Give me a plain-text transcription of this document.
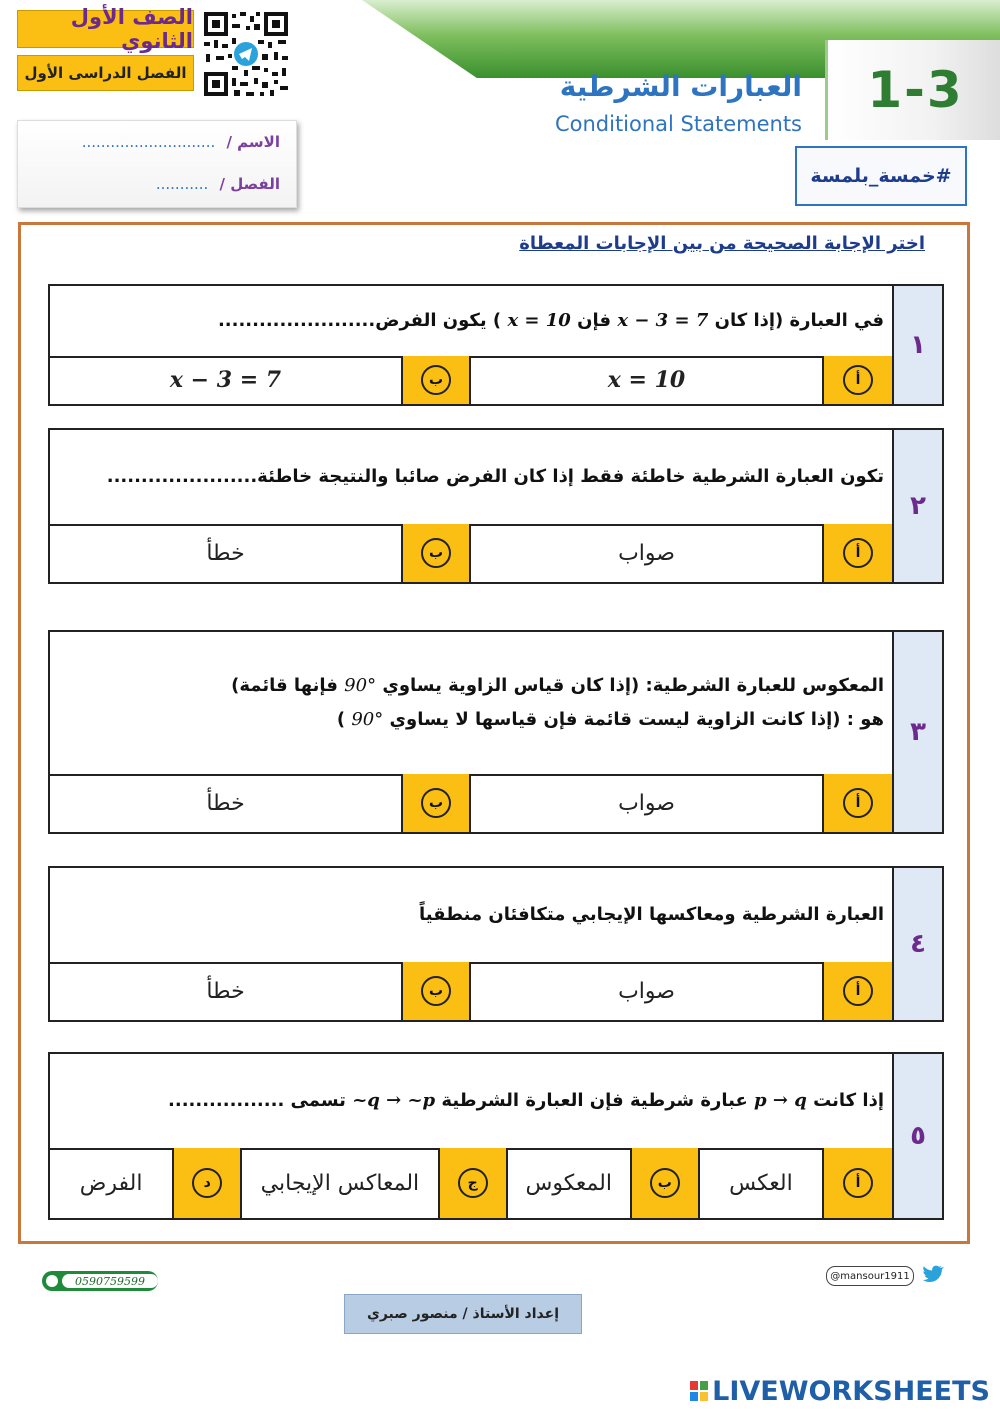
الصف الأول الثانوي
الفصل الدراسى الأول	1-3
العبارات الشرطية
Conditional Statements
الاسم / ............................
الفصل / ...........	#خمسة_بلمسة
اختر الإجابة الصحيحة من بين الإجابات المعطاة
١
في العبارة (إذا كان x − 3 = 7 فإن x = 10 ) يكون الفرض.......................
أ
x = 10
ب
x − 3 = 7
٢
تكون العبارة الشرطية خاطئة فقط إذا كان الفرض صائبا والنتيجة خاطئة......................
أ
صواب
ب
خطأ
٣
المعكوس للعبارة الشرطية: (إذا كان قياس الزاوية يساوي 90° فإنها قائمة)
هو : (إذا كانت الزاوية ليست قائمة فإن قياسها لا يساوي 90° )
أ
صواب
ب
خطأ
٤
العبارة الشرطية ومعاكسها الإيجابي متكافئان منطقياً
أ
صواب
ب
خطأ
٥
إذا كانت p → q عبارة شرطية فإن العبارة الشرطية ~q → ~p تسمى .................
أ
العكس
ب
المعكوس
ج
المعاكس الإيجابي
د
الفرض
0590759599	@mansour1911
إعداد الأستاذ / منصور صبري
LIVEWORKSHEETS
